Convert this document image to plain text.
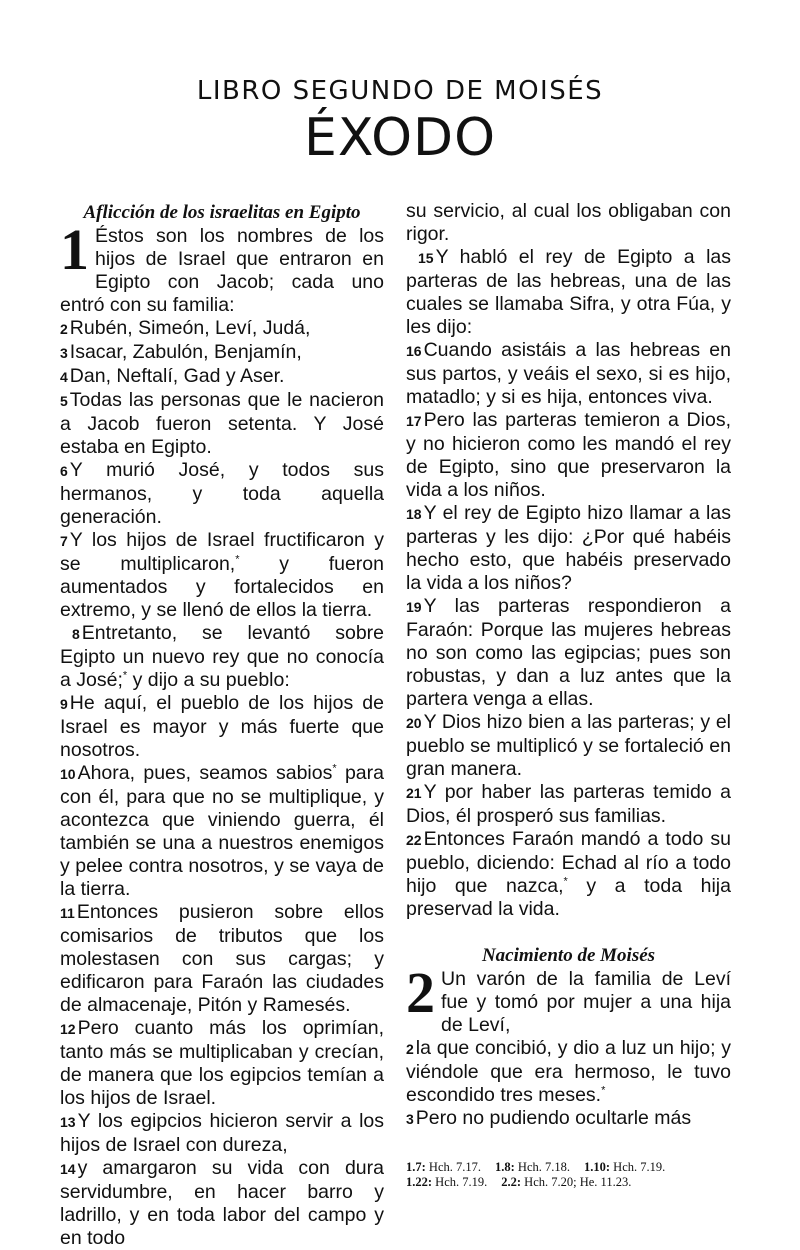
LIBRO SEGUNDO DE MOISÉS
ÉXODO
Aflicción de los israelitas en Egipto

1 Éstos son los nombres de los hijos de Israel que entraron en Egipto con Jacob; cada uno entró con su familia:

2 Rubén, Simeón, Leví, Judá,

3 Isacar, Zabulón, Benjamín,

4 Dan, Neftalí, Gad y Aser.

5 Todas las personas que le nacieron a Jacob fueron setenta. Y José estaba en Egipto.

6 Y murió José, y todos sus hermanos, y toda aquella generación.

7 Y los hijos de Israel fructificaron y se multiplicaron,* y fueron aumentados y fortalecidos en extremo, y se llenó de ellos la tierra.

8 Entretanto, se levantó sobre Egipto un nuevo rey que no conocía a José;* y dijo a su pueblo:

9 He aquí, el pueblo de los hijos de Israel es mayor y más fuerte que nosotros.

10 Ahora, pues, seamos sabios* para con él, para que no se multiplique, y acontezca que viniendo guerra, él también se una a nuestros enemigos y pelee contra nosotros, y se vaya de la tierra.

11 Entonces pusieron sobre ellos comisarios de tributos que los molestasen con sus cargas; y edificaron para Faraón las ciudades de almacenaje, Pitón y Ramesés.

12 Pero cuanto más los oprimían, tanto más se multiplicaban y crecían, de manera que los egipcios temían a los hijos de Israel.

13 Y los egipcios hicieron servir a los hijos de Israel con dureza,

14 y amargaron su vida con dura servidumbre, en hacer barro y ladrillo, y en toda labor del campo y en todo

su servicio, al cual los obligaban con rigor.

15 Y habló el rey de Egipto a las parteras de las hebreas, una de las cuales se llamaba Sifra, y otra Fúa, y les dijo:

16 Cuando asistáis a las hebreas en sus partos, y veáis el sexo, si es hijo, matadlo; y si es hija, entonces viva.

17 Pero las parteras temieron a Dios, y no hicieron como les mandó el rey de Egipto, sino que preservaron la vida a los niños.

18 Y el rey de Egipto hizo llamar a las parteras y les dijo: ¿Por qué habéis hecho esto, que habéis preservado la vida a los niños?

19 Y las parteras respondieron a Faraón: Porque las mujeres hebreas no son como las egipcias; pues son robustas, y dan a luz antes que la partera venga a ellas.

20 Y Dios hizo bien a las parteras; y el pueblo se multiplicó y se fortaleció en gran manera.

21 Y por haber las parteras temido a Dios, él prosperó sus familias.

22 Entonces Faraón mandó a todo su pueblo, diciendo: Echad al río a todo hijo que nazca,* y a toda hija preservad la vida.

Nacimiento de Moisés

2 Un varón de la familia de Leví fue y tomó por mujer a una hija de Leví,

2 la que concibió, y dio a luz un hijo; y viéndole que era hermoso, le tuvo escondido tres meses.*

3 Pero no pudiendo ocultarle más

1.7: Hch. 7.17. 1.8: Hch. 7.18. 1.10: Hch. 7.19.
1.22: Hch. 7.19. 2.2: Hch. 7.20; He. 11.23.
